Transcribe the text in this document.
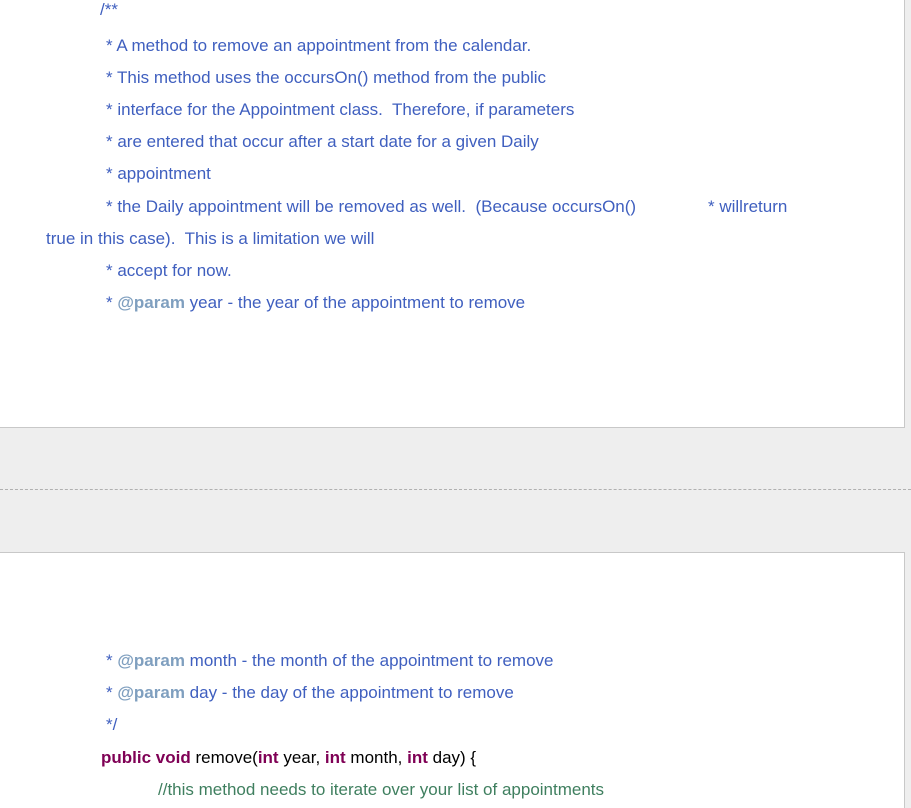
/**
* A method to remove an appointment from the calendar.
* This method uses the occursOn() method from the public
* interface for the Appointment class.  Therefore, if parameters
* are entered that occur after a start date for a given Daily
* appointment
* the Daily appointment will be removed as well.  (Because occursOn()	* willreturn
true in this case).  This is a limitation we will
* accept for now.
* @param year - the year of the appointment to remove
* @param month - the month of the appointment to remove
* @param day - the day of the appointment to remove
*/
public void remove(int year, int month, int day) {
//this method needs to iterate over your list of appointments
